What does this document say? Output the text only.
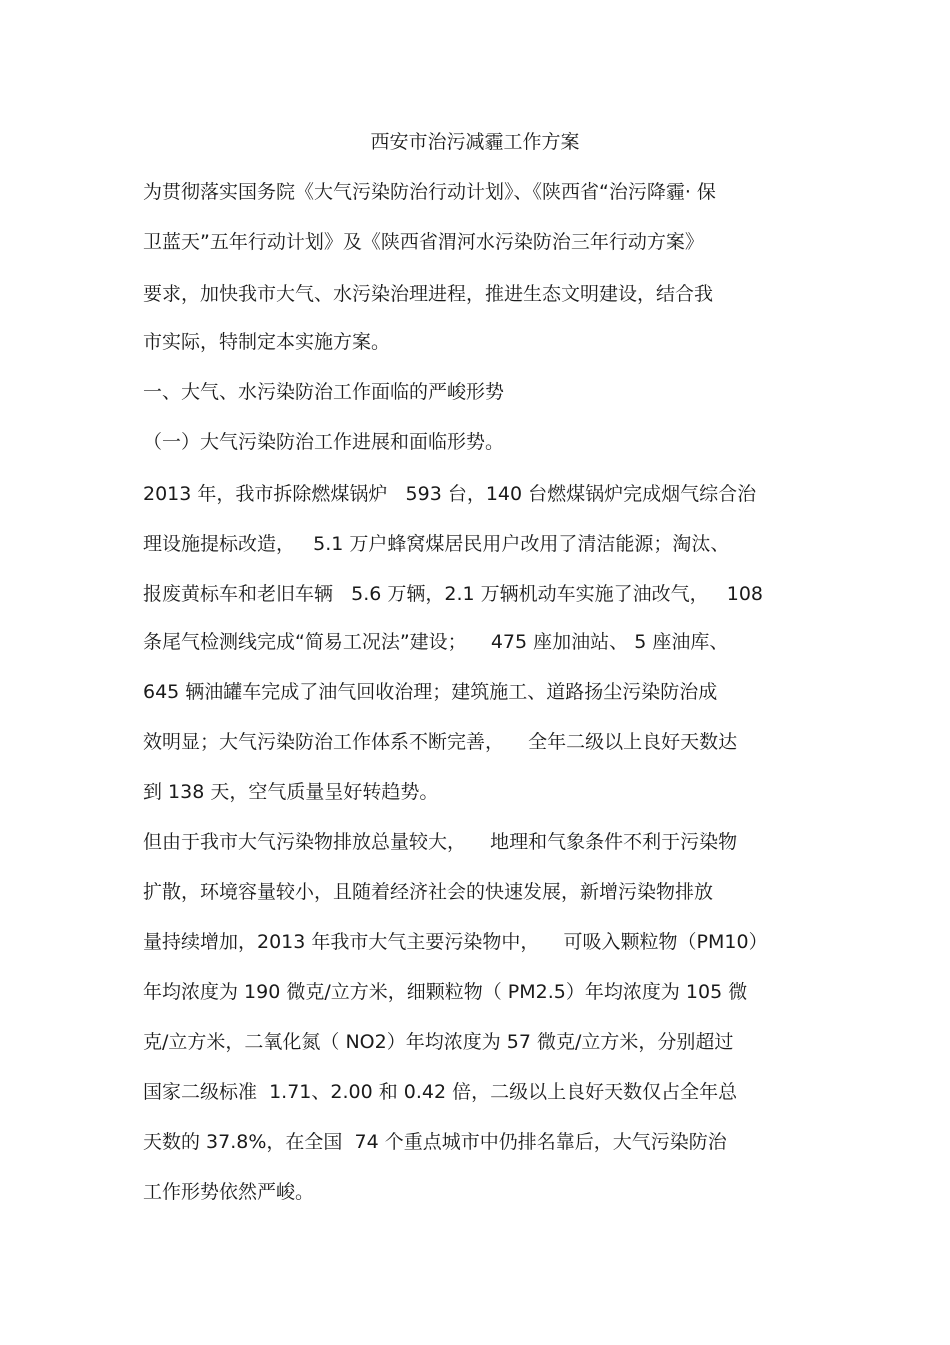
西安市治污减霾工作方案
为贯彻落实国务院《大气污染防治行动计划》、《陕西省“治污降霾· 保
卫蓝天”五年行动计划》及《陕西省渭河水污染防治三年行动方案》
要求，加快我市大气、水污染治理进程，推进生态文明建设，结合我
市实际，特制定本实施方案。
一、大气、水污染防治工作面临的严峻形势
（一）大气污染防治工作进展和面临形势。
2013 年，我市拆除燃煤锅炉   593 台，140 台燃煤锅炉完成烟气综合治
理设施提标改造，   5.1 万户蜂窝煤居民用户改用了清洁能源；淘汰、
报废黄标车和老旧车辆   5.6 万辆，2.1 万辆机动车实施了油改气，   108
条尾气检测线完成“简易工况法”建设；    475 座加油站、 5 座油库、
645 辆油罐车完成了油气回收治理；建筑施工、道路扬尘污染防治成
效明显；大气污染防治工作体系不断完善，    全年二级以上良好天数达
到 138 天，空气质量呈好转趋势。
但由于我市大气污染物排放总量较大，    地理和气象条件不利于污染物
扩散，环境容量较小，且随着经济社会的快速发展，新增污染物排放
量持续增加，2013 年我市大气主要污染物中，    可吸入颗粒物（PM10）
年均浓度为 190 微克/立方米，细颗粒物（ PM2.5）年均浓度为 105 微
克/立方米，二氧化氮（ NO2）年均浓度为 57 微克/立方米，分别超过
国家二级标准  1.71、2.00 和 0.42 倍，二级以上良好天数仅占全年总
天数的 37.8%，在全国  74 个重点城市中仍排名靠后，大气污染防治
工作形势依然严峻。
